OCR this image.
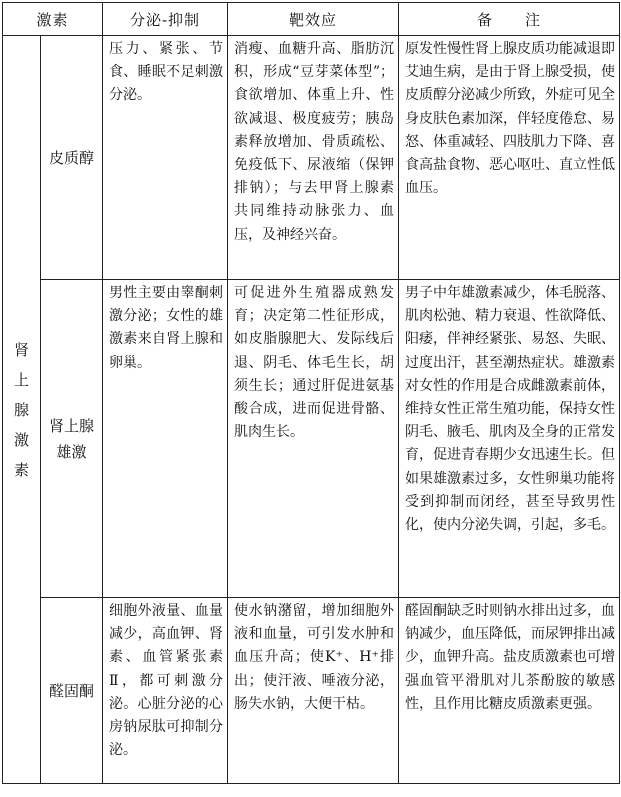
激素		分泌-抑制	靶效应	备　　注

肾
上
腺
激
素	皮质醇	压力、紧张、节食、睡眠不足刺激分泌。	消瘦、血糖升高、脂肪沉积，形成“豆芽菜体型”；食欲增加、体重上升、性欲减退、极度疲劳；胰岛素释放增加、骨质疏松、免疫低下、尿液缩（保钾排钠）；与去甲肾上腺素共同维持动脉张力、血压，及神经兴奋。	原发性慢性肾上腺皮质功能减退即艾迪生病，是由于肾上腺受损，使皮质醇分泌减少所致，外症可见全身皮肤色素加深，伴轻度倦怠、易怒、体重减轻、四肢肌力下降、喜食高盐食物、恶心呕吐、直立性低血压。
	肾上腺雄激	男性主要由睾酮刺激分泌；女性的雄激素来自肾上腺和卵巢。	可促进外生殖器成熟发育；决定第二性征形成，如皮脂腺肥大、发际线后退、阴毛、体毛生长，胡须生长；通过肝促进氨基酸合成，进而促进骨骼、肌肉生长。	男子中年雄激素减少，体毛脱落、肌肉松弛、精力衰退、性欲降低、阳痿，伴神经紧张、易怒、失眠、过度出汗，甚至潮热症状。雄激素对女性的作用是合成雌激素前体，维持女性正常生殖功能，保持女性阴毛、腋毛、肌肉及全身的正常发育，促进青春期少女迅速生长。但如果雄激素过多，女性卵巢功能将受到抑制而闭经，甚至导致男性化，使内分泌失调，引起，多毛。
	醛固酮	细胞外液量、血量减少，高血钾、肾素、血管紧张素Ⅱ，都可刺激分泌。心脏分泌的心房钠尿肽可抑制分泌。	使水钠潴留，增加细胞外液和血量，可引发水肿和血压升高；使K⁺、H⁺排出；使汗液、唾液分泌，肠失水钠，大便干枯。	醛固酮缺乏时则钠水排出过多，血钠减少，血压降低，而尿钾排出减少，血钾升高。盐皮质激素也可增强血管平滑肌对儿茶酚胺的敏感性，且作用比糖皮质激素更强。
